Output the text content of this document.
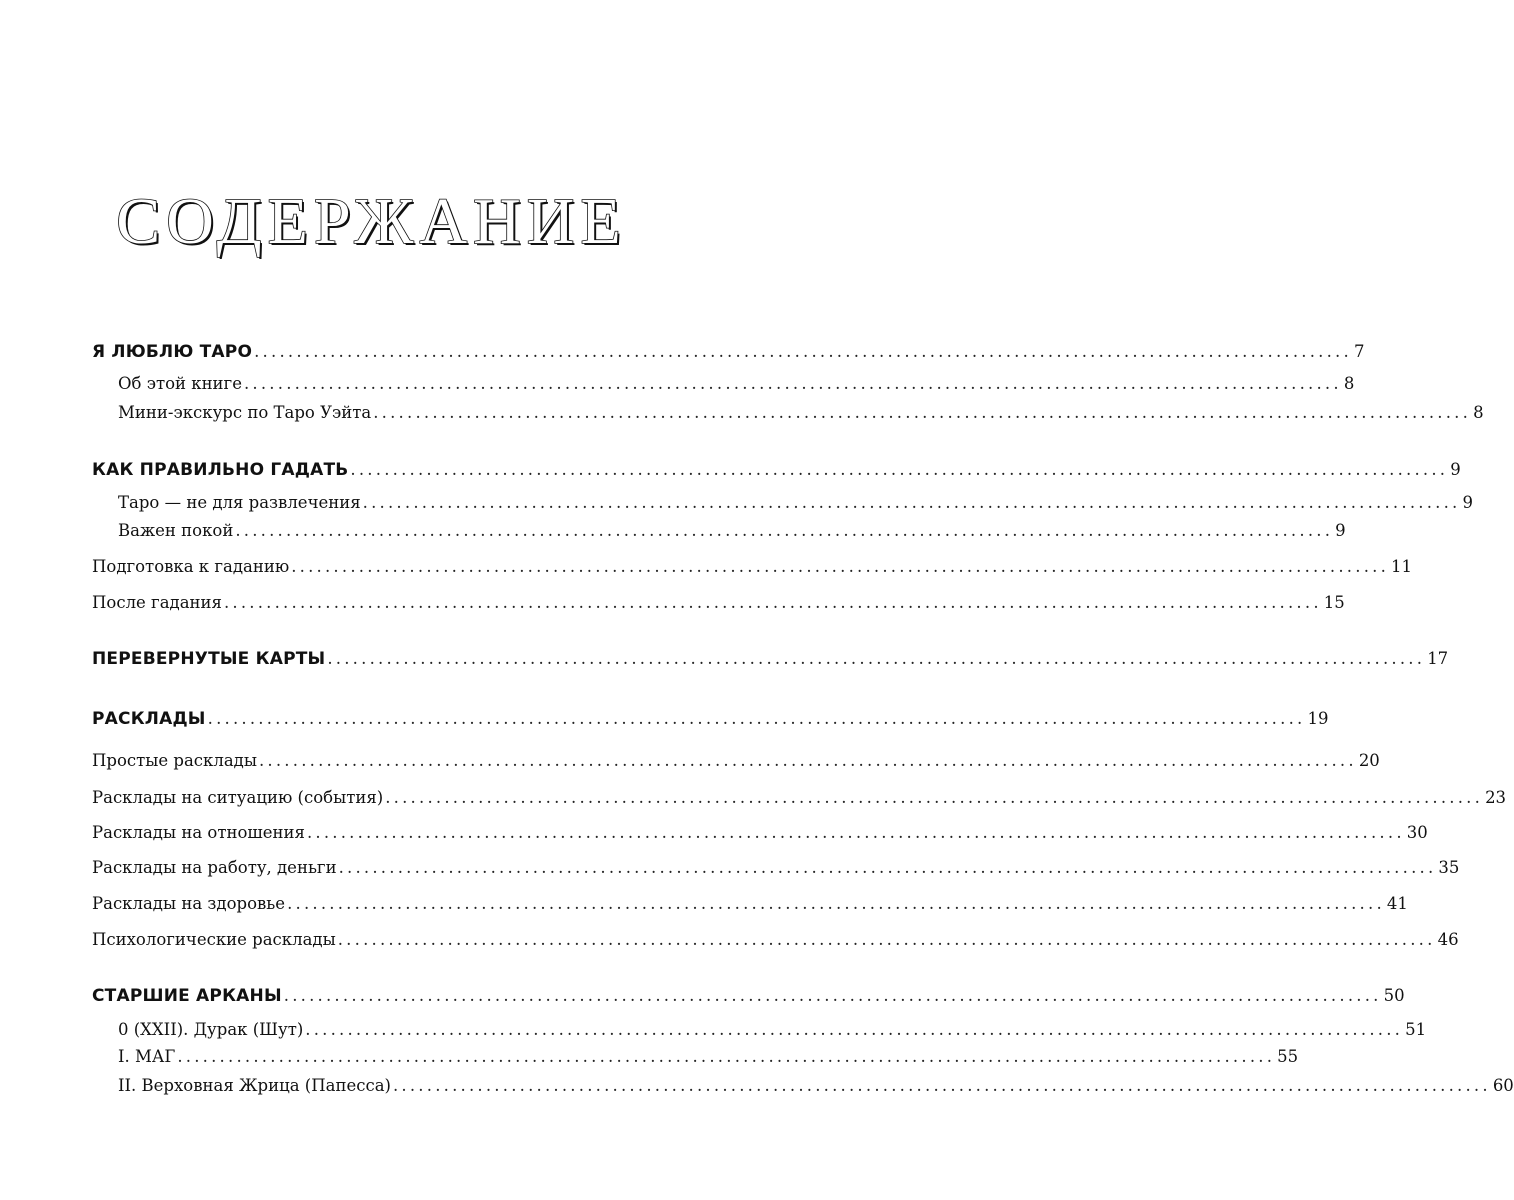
СОДЕРЖАНИЕ
Я ЛЮБЛЮ ТАРО .................................................................................................................................. 7
Об этой книге .................................................................................................................................. 8
Мини-экскурс по Таро Уэйта .................................................................................................................................. 8
КАК ПРАВИЛЬНО ГАДАТЬ .................................................................................................................................. 9
Таро — не для развлечения .................................................................................................................................. 9
Важен покой .................................................................................................................................. 9
Подготовка к гаданию .................................................................................................................................. 11
После гадания .................................................................................................................................. 15
ПЕРЕВЕРНУТЫЕ КАРТЫ .................................................................................................................................. 17
РАСКЛАДЫ .................................................................................................................................. 19
Простые расклады .................................................................................................................................. 20
Расклады на ситуацию (события) .................................................................................................................................. 23
Расклады на отношения .................................................................................................................................. 30
Расклады на работу, деньги .................................................................................................................................. 35
Расклады на здоровье .................................................................................................................................. 41
Психологические расклады .................................................................................................................................. 46
СТАРШИЕ АРКАНЫ .................................................................................................................................. 50
0 (XXII). Дурак (Шут) .................................................................................................................................. 51
I. МАГ .................................................................................................................................. 55
II. Верховная Жрица (Папесса) .................................................................................................................................. 60
